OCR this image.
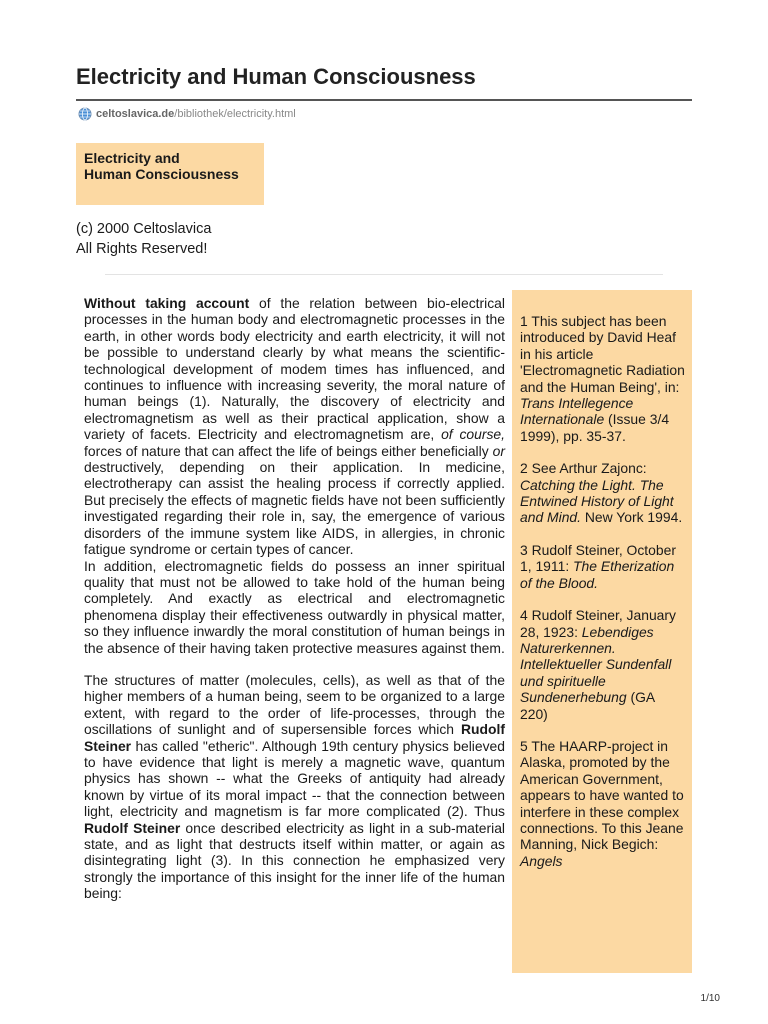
Electricity and Human Consciousness
celtoslavica.de /bibliothek/electricity.html
Electricity and
Human Consciousness
(c) 2000 Celtoslavica
All Rights Reserved!

Without taking account of the relation between bio-electrical processes in the human body and electromagnetic processes in the earth, in other words body electricity and earth electricity, it will not be possible to understand clearly by what means the scientific-technological development of modem times has influenced, and continues to influence with increasing severity, the moral nature of human beings (1). Naturally, the discovery of electricity and electromagnetism as well as their practical application, show a variety of facets. Electricity and electromagnetism are, of course, forces of nature that can affect the life of beings either beneficially or destructively, depending on their application. In medicine, electrotherapy can assist the healing process if correctly applied. But precisely the effects of magnetic fields have not been sufficiently investigated regarding their role in, say, the emergence of various disorders of the immune system like AIDS, in allergies, in chronic fatigue syndrome or certain types of cancer.

In addition, electromagnetic fields do possess an inner spiritual quality that must not be allowed to take hold of the human being completely. And exactly as electrical and electromagnetic phenomena display their effectiveness outwardly in physical matter, so they influence inwardly the moral constitution of human beings in the absence of their having taken protective measures against them.

The structures of matter (molecules, cells), as well as that of the higher members of a human being, seem to be organized to a large extent, with regard to the order of life-processes, through the oscillations of sunlight and of supersensible forces which Rudolf Steiner has called "etheric". Although 19th century physics believed to have evidence that light is merely a magnetic wave, quantum physics has shown -- what the Greeks of antiquity had already known by virtue of its moral impact -- that the connection between light, electricity and magnetism is far more complicated (2). Thus Rudolf Steiner once described electricity as light in a sub-material state, and as light that destructs itself within matter, or again as disintegrating light (3). In this connection he emphasized very strongly the importance of this insight for the inner life of the human being:

1 This subject has been introduced by David Heaf in his article 'Electromagnetic Radiation and the Human Being', in: Trans Intellegence Internationale (Issue 3/4 1999), pp. 35-37.

2 See Arthur Zajonc: Catching the Light. The Entwined History of Light and Mind. New York 1994.

3 Rudolf Steiner, October 1, 1911: The Etherization of the Blood.

4 Rudolf Steiner, January 28, 1923: Lebendiges Naturerkennen. Intellektueller Sundenfall und spirituelle Sundenerhebung (GA 220)

5 The HAARP-project in Alaska, promoted by the American Government, appears to have wanted to interfere in these complex connections. To this Jeane Manning, Nick Begich: Angels

1/10
